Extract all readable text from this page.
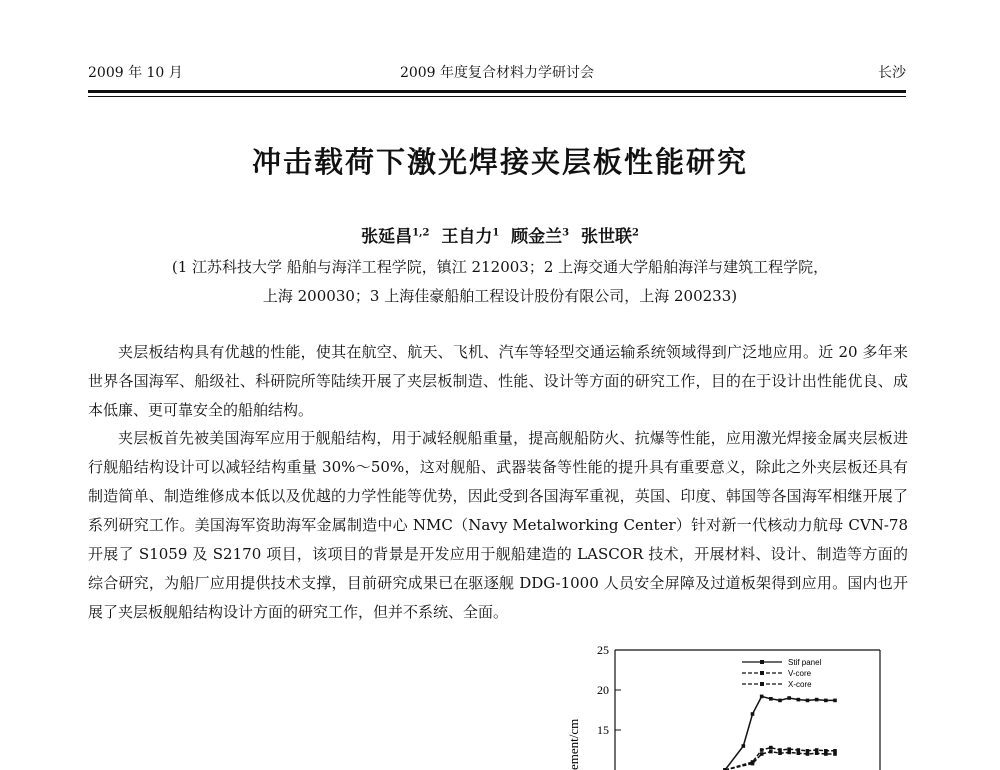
2009 年 10 月	2009 年度复合材料力学研讨会	长沙
冲击载荷下激光焊接夹层板性能研究
张延昌$^{1,2}$ 王自力$^1$ 顾金兰$^3$ 张世联$^2$
(1 江苏科技大学 船舶与海洋工程学院，镇江 212003；2 上海交通大学船舶海洋与建筑工程学院，
上海 200030；3 上海佳豪船舶工程设计股份有限公司，上海 200233)

夹层板结构具有优越的性能，使其在航空、航天、飞机、汽车等轻型交通运输系统领域得到广泛地应用。近 20 多年来世界各国海军、船级社、科研院所等陆续开展了夹层板制造、性能、设计等方面的研究工作，目的在于设计出性能优良、成本低廉、更可靠安全的船舶结构。

夹层板首先被美国海军应用于舰船结构，用于减轻舰船重量，提高舰船防火、抗爆等性能，应用激光焊接金属夹层板进行舰船结构设计可以减轻结构重量 30%～50%，这对舰船、武器装备等性能的提升具有重要意义，除此之外夹层板还具有制造简单、制造维修成本低以及优越的力学性能等优势，因此受到各国海军重视，英国、印度、韩国等各国海军相继开展了系列研究工作。美国海军资助海军金属制造中心 NMC（Navy Metalworking Center）针对新一代核动力航母 CVN-78 开展了 S1059 及 S2170 项目，该项目的背景是开发应用于舰船建造的 LASCOR 技术，开展材料、设计、制造等方面的综合研究，为船厂应用提供技术支撑，目前研究成果已在驱逐舰 DDG-1000 人员安全屏障及过道板架得到应用。国内也开展了夹层板舰船结构设计方面的研究工作，但并不系统、全面。

ement/cm
25
20
15
Stif panel
V-core
X-core
